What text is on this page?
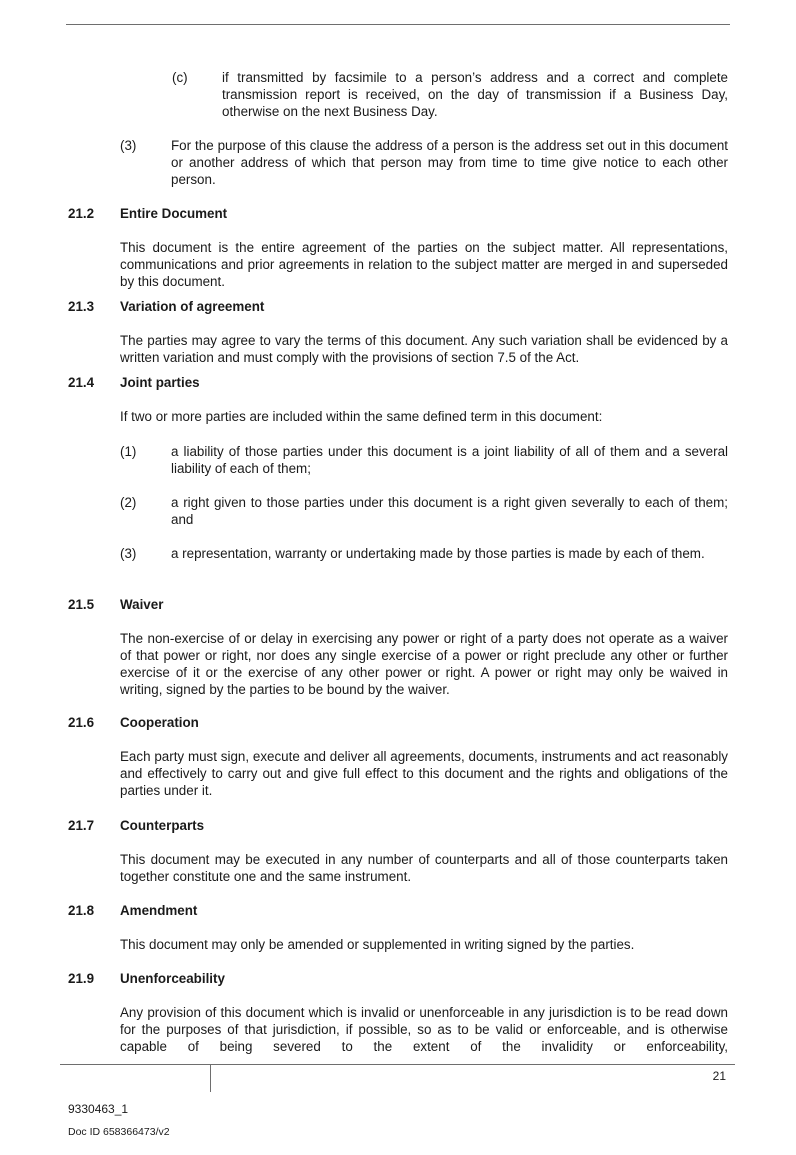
(c)	if transmitted by facsimile to a person’s address and a correct and complete transmission report is received, on the day of transmission if a Business Day, otherwise on the next Business Day.
(3)	For the purpose of this clause the address of a person is the address set out in this document or another address of which that person may from time to time give notice to each other person.
21.2 Entire Document
This document is the entire agreement of the parties on the subject matter. All representations, communications and prior agreements in relation to the subject matter are merged in and superseded by this document.
21.3 Variation of agreement
The parties may agree to vary the terms of this document. Any such variation shall be evidenced by a written variation and must comply with the provisions of section 7.5 of the Act.
21.4 Joint parties
If two or more parties are included within the same defined term in this document:
(1)	a liability of those parties under this document is a joint liability of all of them and a several liability of each of them;
(2)	a right given to those parties under this document is a right given severally to each of them; and
(3)	a representation, warranty or undertaking made by those parties is made by each of them.
21.5 Waiver
The non-exercise of or delay in exercising any power or right of a party does not operate as a waiver of that power or right, nor does any single exercise of a power or right preclude any other or further exercise of it or the exercise of any other power or right. A power or right may only be waived in writing, signed by the parties to be bound by the waiver.
21.6 Cooperation
Each party must sign, execute and deliver all agreements, documents, instruments and act reasonably and effectively to carry out and give full effect to this document and the rights and obligations of the parties under it.
21.7 Counterparts
This document may be executed in any number of counterparts and all of those counterparts taken together constitute one and the same instrument.
21.8 Amendment
This document may only be amended or supplemented in writing signed by the parties.
21.9 Unenforceability
Any provision of this document which is invalid or unenforceable in any jurisdiction is to be read down for the purposes of that jurisdiction, if possible, so as to be valid or enforceable, and is otherwise capable of being severed to the extent of the invalidity or enforceability,
21
9330463_1
Doc ID 658366473/v2
